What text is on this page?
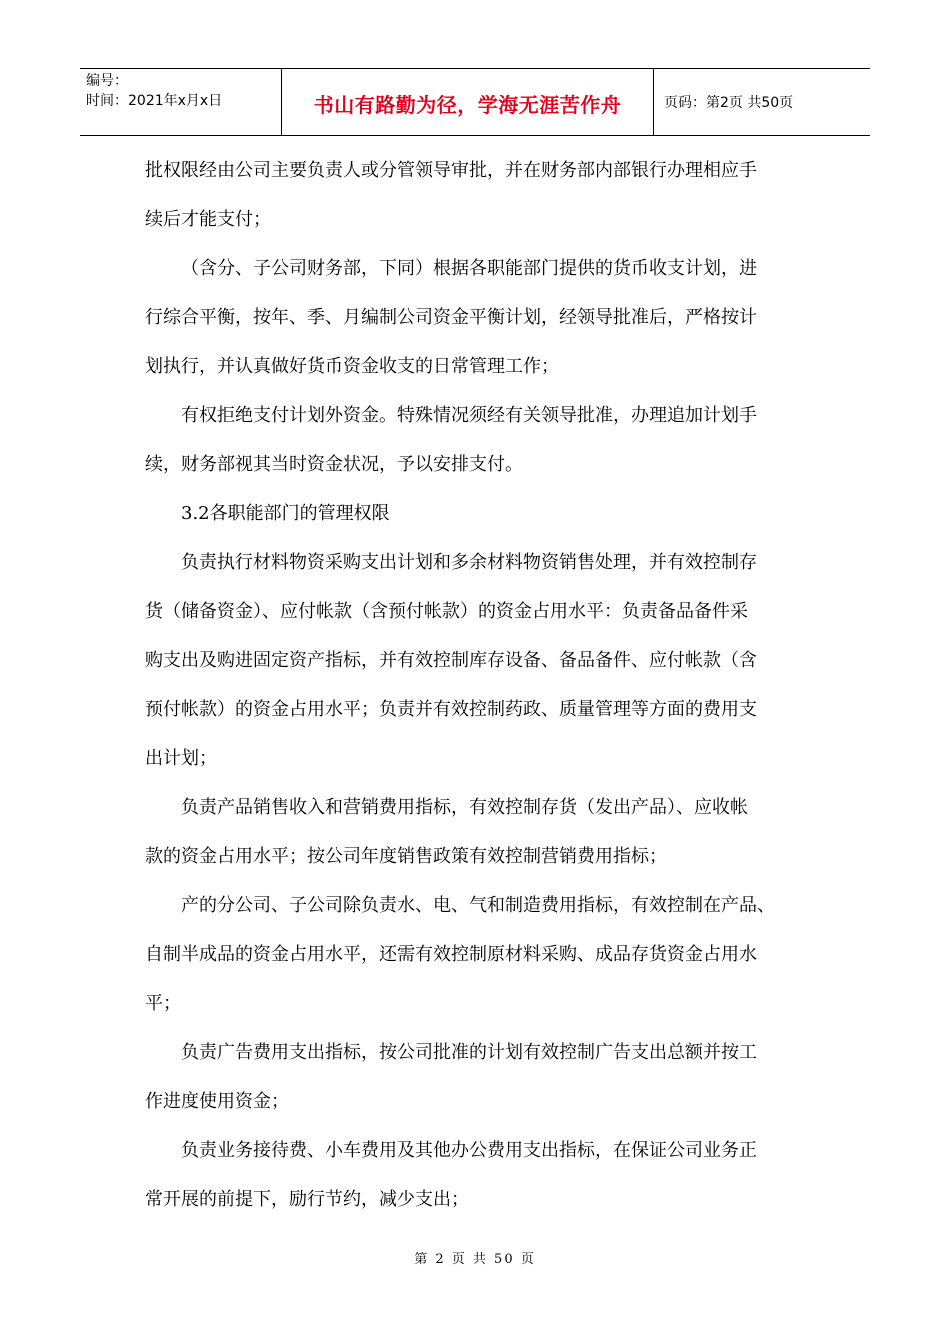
编号：
时间：2021年x月x日	书山有路勤为径，学海无涯苦作舟	页码：第2页 共50页
批权限经由公司主要负责人或分管领导审批，并在财务部内部银行办理相应手
续后才能支付；
（含分、子公司财务部，下同）根据各职能部门提供的货币收支计划，进
行综合平衡，按年、季、月编制公司资金平衡计划，经领导批准后，严格按计
划执行，并认真做好货币资金收支的日常管理工作；
有权拒绝支付计划外资金。特殊情况须经有关领导批准，办理追加计划手
续，财务部视其当时资金状况，予以安排支付。
3.2各职能部门的管理权限
负责执行材料物资采购支出计划和多余材料物资销售处理，并有效控制存
货（储备资金）、应付帐款（含预付帐款）的资金占用水平：负责备品备件采
购支出及购进固定资产指标，并有效控制库存设备、备品备件、应付帐款（含
预付帐款）的资金占用水平；负责并有效控制药政、质量管理等方面的费用支
出计划；
负责产品销售收入和营销费用指标，有效控制存货（发出产品）、应收帐
款的资金占用水平；按公司年度销售政策有效控制营销费用指标；
产的分公司、子公司除负责水、电、气和制造费用指标，有效控制在产品、
自制半成品的资金占用水平，还需有效控制原材料采购、成品存货资金占用水
平；
负责广告费用支出指标，按公司批准的计划有效控制广告支出总额并按工
作进度使用资金；
负责业务接待费、小车费用及其他办公费用支出指标，在保证公司业务正
常开展的前提下，励行节约，减少支出；
第 2 页 共 50 页
